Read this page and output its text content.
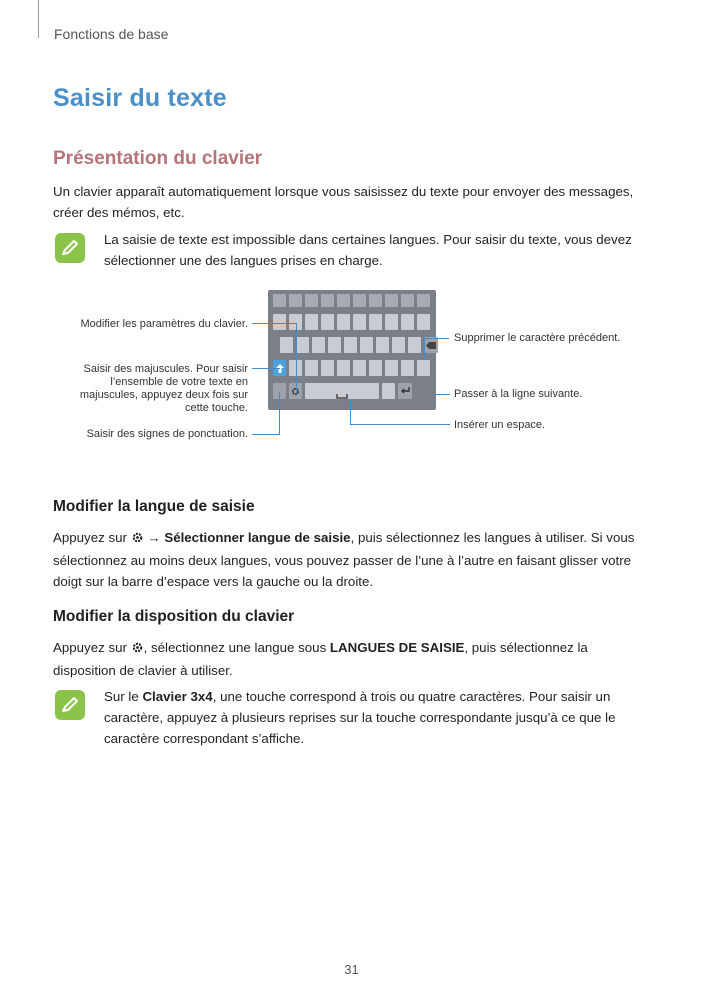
Fonctions de base
Saisir du texte
Présentation du clavier
Un clavier apparaît automatiquement lorsque vous saisissez du texte pour envoyer des messages, créer des mémos, etc.
La saisie de texte est impossible dans certaines langues. Pour saisir du texte, vous devez sélectionner une des langues prises en charge.
Modifier les paramètres du clavier.
Saisir des majuscules. Pour saisir
l’ensemble de votre texte en
majuscules, appuyez deux fois sur
cette touche.
Saisir des signes de ponctuation.
Supprimer le caractère précédent.
Passer à la ligne suivante.
Insérer un espace.
Modifier la langue de saisie
Appuyez sur → Sélectionner langue de saisie, puis sélectionnez les langues à utiliser. Si vous sélectionnez au moins deux langues, vous pouvez passer de l’une à l’autre en faisant glisser votre doigt sur la barre d’espace vers la gauche ou la droite.
Modifier la disposition du clavier
Appuyez sur , sélectionnez une langue sous LANGUES DE SAISIE, puis sélectionnez la disposition de clavier à utiliser.
Sur le Clavier 3x4, une touche correspond à trois ou quatre caractères. Pour saisir un caractère, appuyez à plusieurs reprises sur la touche correspondante jusqu’à ce que le caractère correspondant s’affiche.
31
